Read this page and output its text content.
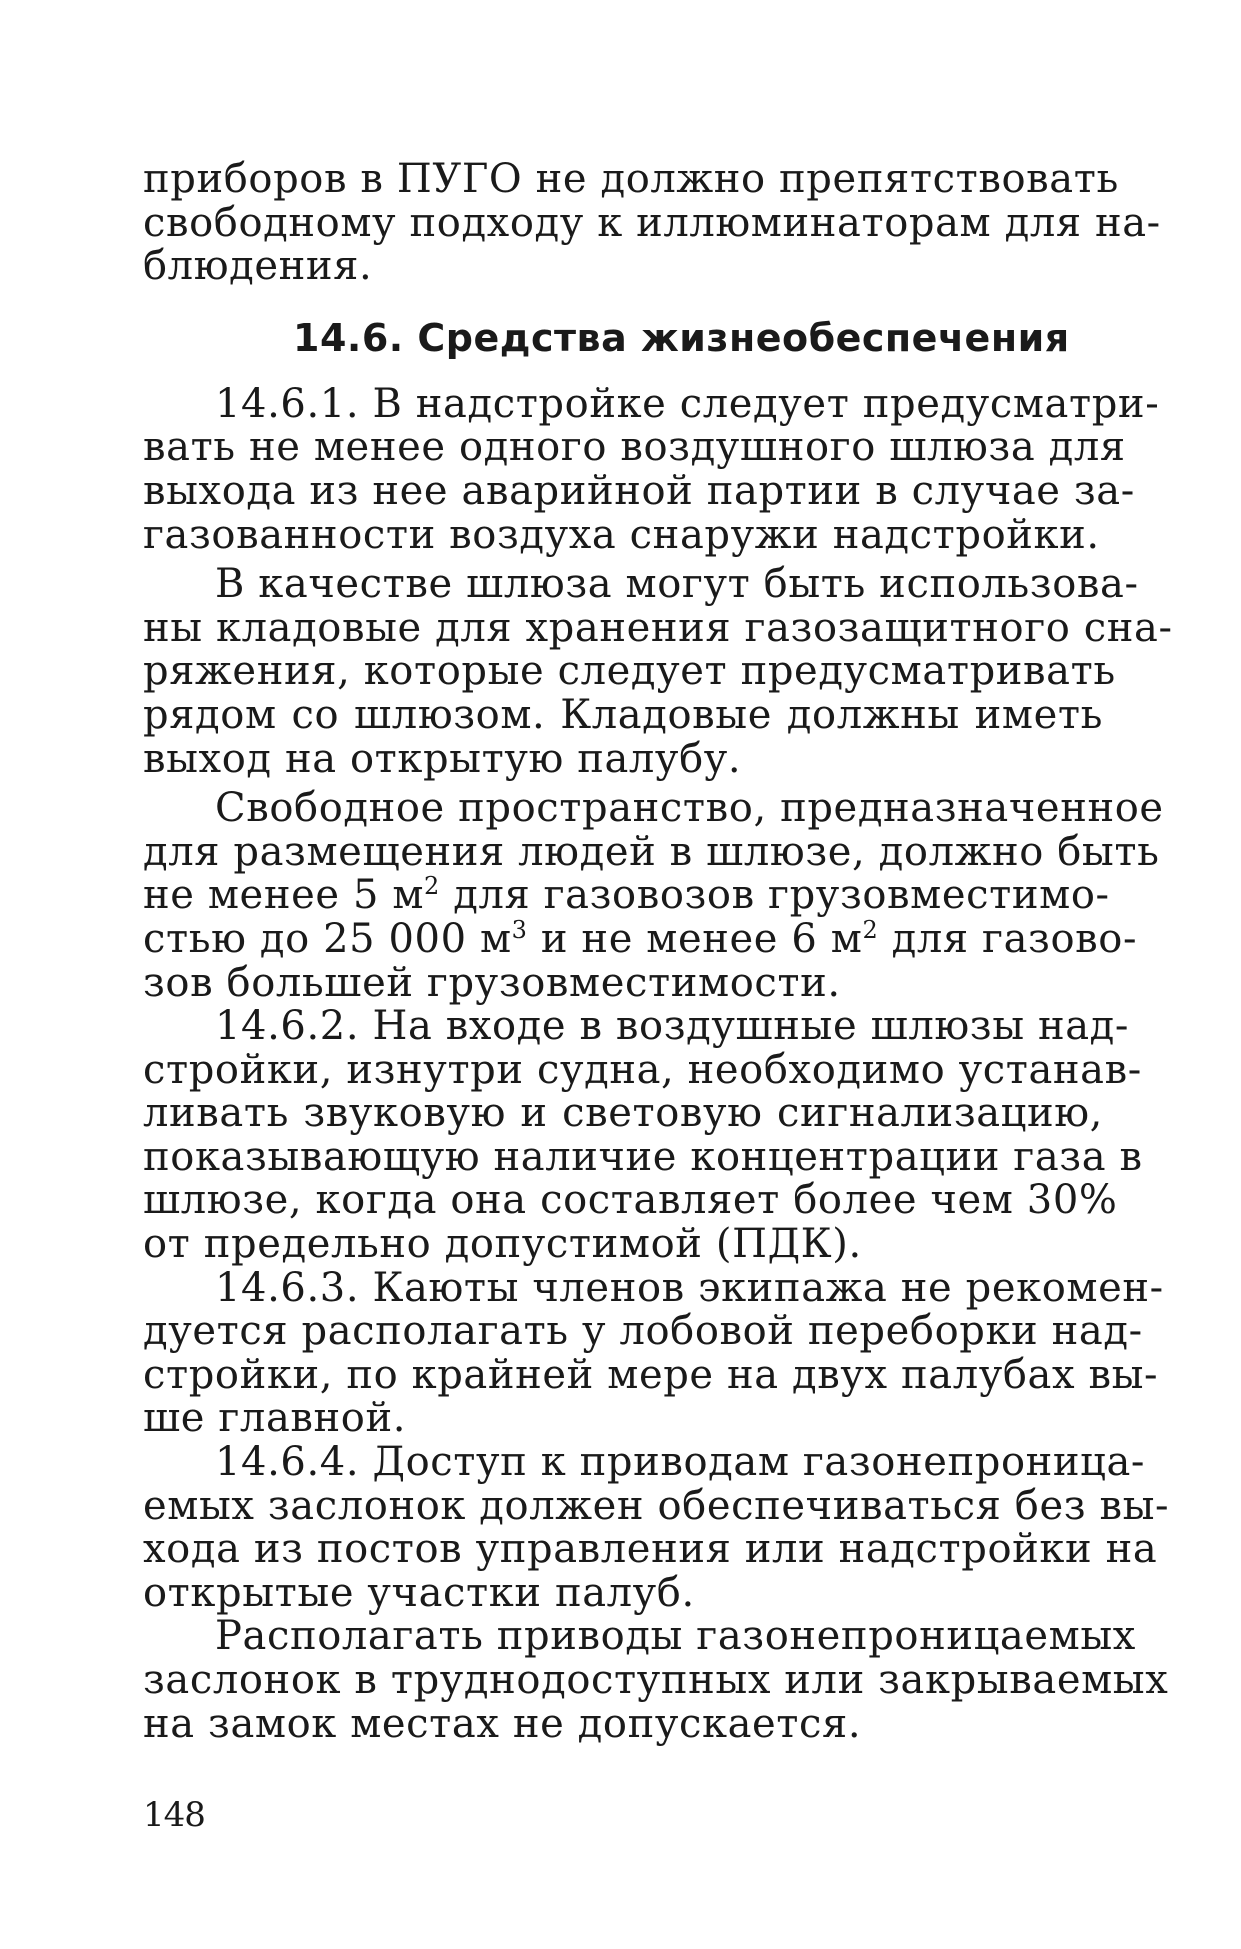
приборов в ПУГО не должно препятствовать
свободному подходу к иллюминаторам для на-
блюдения.
14.6. Средства жизнеобеспечения
14.6.1. В надстройке следует предусматри-
вать не менее одного воздушного шлюза для
выхода из нее аварийной партии в случае за-
газованности воздуха снаружи надстройки.
В качестве шлюза могут быть использова-
ны кладовые для хранения газозащитного сна-
ряжения, которые следует предусматривать
рядом со шлюзом. Кладовые должны иметь
выход на открытую палубу.
Свободное пространство, предназначенное
для размещения людей в шлюзе, должно быть
не менее 5 $м^2$ для газовозов грузовместимо-
стью до 25 000 $м^3$ и не менее 6 $м^2$ для газово-
зов большей грузовместимости.
14.6.2. На входе в воздушные шлюзы над-
стройки, изнутри судна, необходимо устанав-
ливать звуковую и световую сигнализацию,
показывающую наличие концентрации газа в
шлюзе, когда она составляет более чем 30%
от предельно допустимой (ПДК).
14.6.3. Каюты членов экипажа не рекомен-
дуется располагать у лобовой переборки над-
стройки, по крайней мере на двух палубах вы-
ше главной.
14.6.4. Доступ к приводам газонепроница-
емых заслонок должен обеспечиваться без вы-
хода из постов управления или надстройки на
открытые участки палуб.
Располагать приводы газонепроницаемых
заслонок в труднодоступных или закрываемых
на замок местах не допускается.
148
